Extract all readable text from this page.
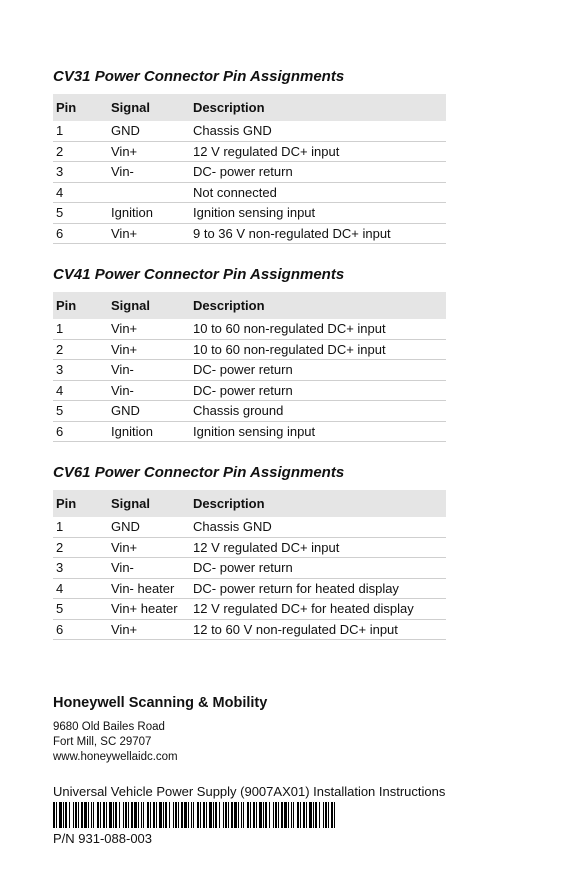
CV31 Power Connector Pin Assignments
Pin	Signal	Description
1	GND	Chassis GND
2	Vin+	12 V regulated DC+ input
3	Vin-	DC- power return
4		Not connected
5	Ignition	Ignition sensing input
6	Vin+	9 to 36 V non-regulated DC+ input
CV41 Power Connector Pin Assignments
Pin	Signal	Description
1	Vin+	10 to 60 non-regulated DC+ input
2	Vin+	10 to 60 non-regulated DC+ input
3	Vin-	DC- power return
4	Vin-	DC- power return
5	GND	Chassis ground
6	Ignition	Ignition sensing input
CV61 Power Connector Pin Assignments
Pin	Signal	Description
1	GND	Chassis GND
2	Vin+	12 V regulated DC+ input
3	Vin-	DC- power return
4	Vin- heater	DC- power return for heated display
5	Vin+ heater	12 V regulated DC+ for heated display
6	Vin+	12 to 60 V non-regulated DC+ input
Honeywell Scanning & Mobility
9680 Old Bailes Road
Fort Mill, SC 29707
www.honeywellaidc.com
Universal Vehicle Power Supply (9007AX01) Installation Instructions
P/N 931-088-003
